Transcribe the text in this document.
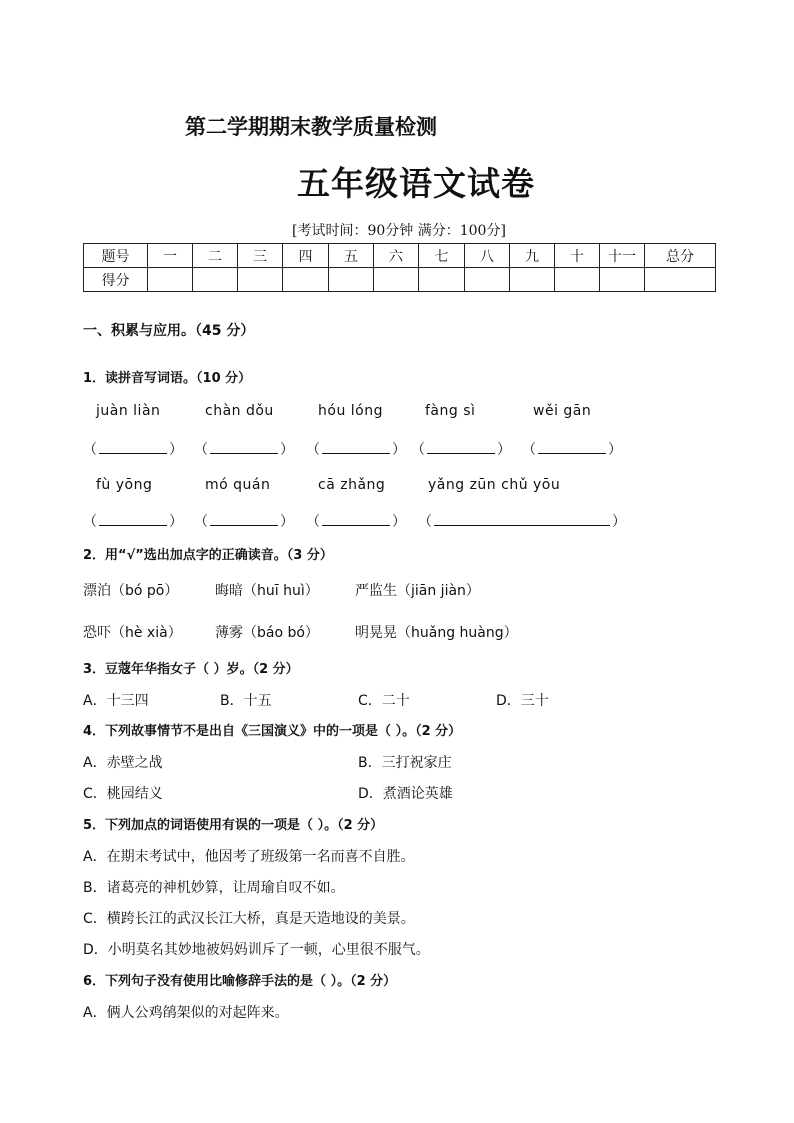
第二学期期末教学质量检测
五年级语文试卷
[考试时间：90分钟 满分：100分]
题号	一	二	三	四	五	六	七	八	九	十	十一	总分
得分												
一、积累与应用。（45 分）
1．读拼音写词语。（10 分）
juàn liàn	chàn dǒu	hóu lóng	fàng sì	wěi gān
（	） （	） （	） （	） （	）
fù yōng	mó quán	cā zhǎng	yǎng zūn chǔ yōu
（	） （	） （	） （	）
2．用“√”选出加点字的正确读音。（3 分）
漂泊（bó pō）	晦暗（huī huì）	严监生（jiān jiàn）
恐吓（hè xià） 薄雾（báo bó）	明晃晃（huǎng huàng）
3．豆蔻年华指女子（ ）岁。（2 分）
A．十三四	B．十五	C．二十	D．三十
4．下列故事情节不是出自《三国演义》中的一项是（ ）。（2 分）
A．赤壁之战	B．三打祝家庄
C．桃园结义	D．煮酒论英雄
5．下列加点的词语使用有误的一项是（ ）。（2 分）
A．在期末考试中，他因考了班级第一名而喜不自胜。
B．诸葛亮的神机妙算，让周瑜自叹不如。
C．横跨长江的武汉长江大桥，真是天造地设的美景。
D．小明莫名其妙地被妈妈训斥了一顿，心里很不服气。
6．下列句子没有使用比喻修辞手法的是（ ）。（2 分）
A．俩人公鸡鹐架似的对起阵来。
